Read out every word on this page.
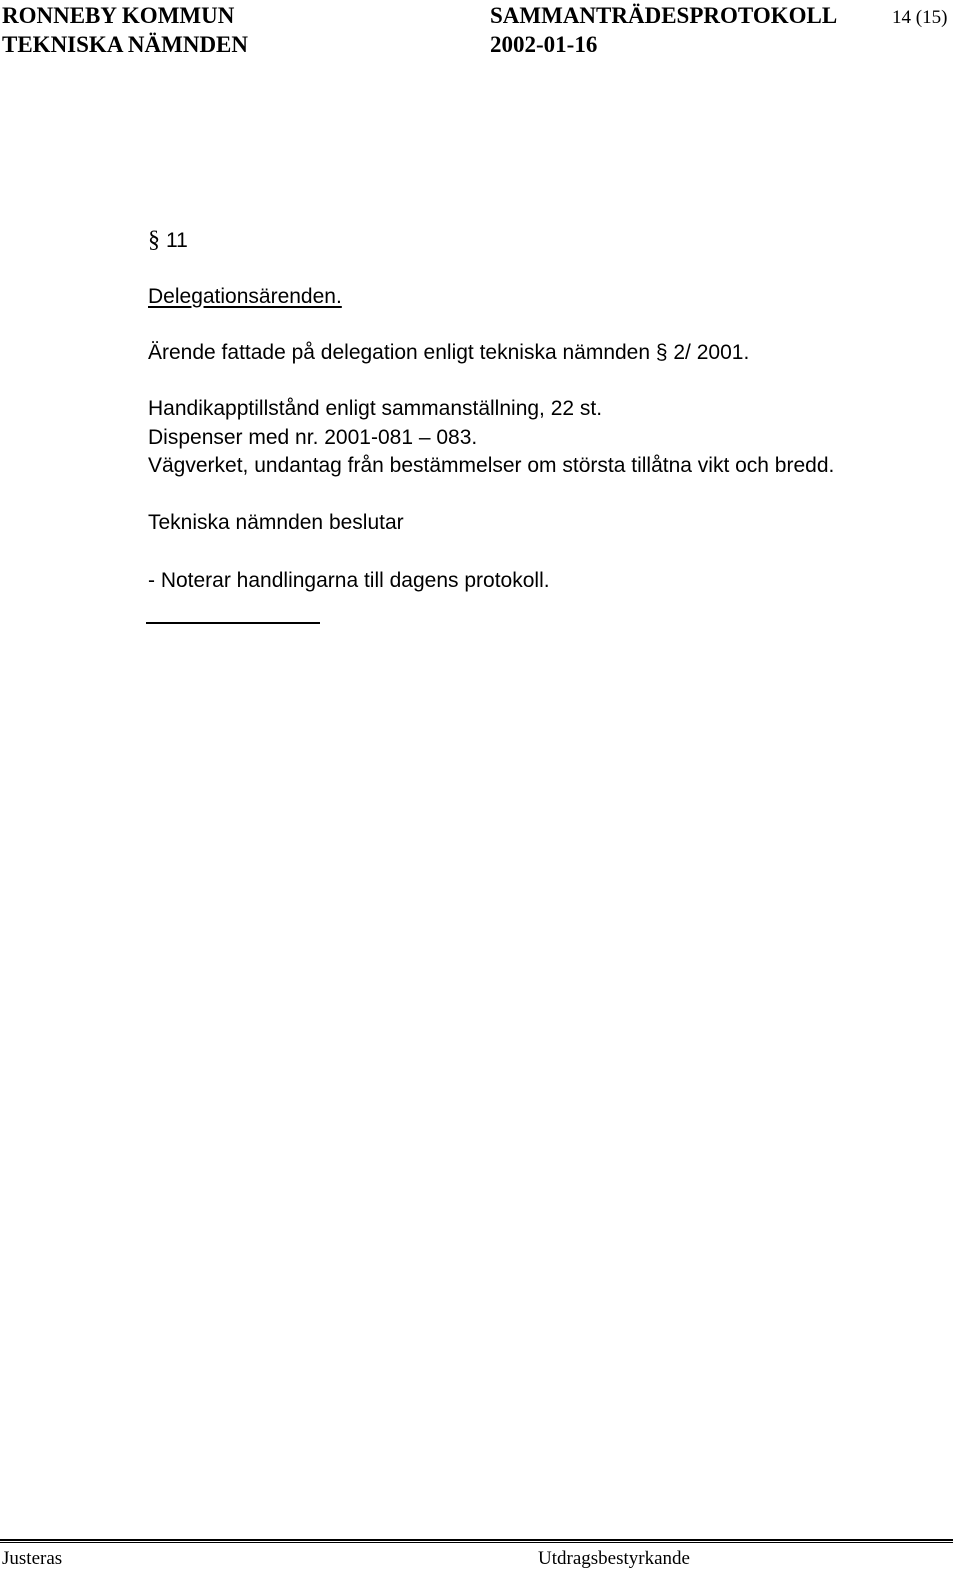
RONNEBY KOMMUN
TEKNISKA NÄMNDEN
SAMMANTRÄDESPROTOKOLL
2002-01-16
14 (15)
§ 11
Delegationsärenden.
Ärende fattade på delegation enligt tekniska nämnden § 2/ 2001.
Handikapptillstånd enligt sammanställning, 22 st.
Dispenser med nr. 2001-081 – 083.
Vägverket, undantag från bestämmelser om största tillåtna vikt och bredd.
Tekniska nämnden beslutar
- Noterar handlingarna till dagens protokoll.
Justeras	Utdragsbestyrkande
